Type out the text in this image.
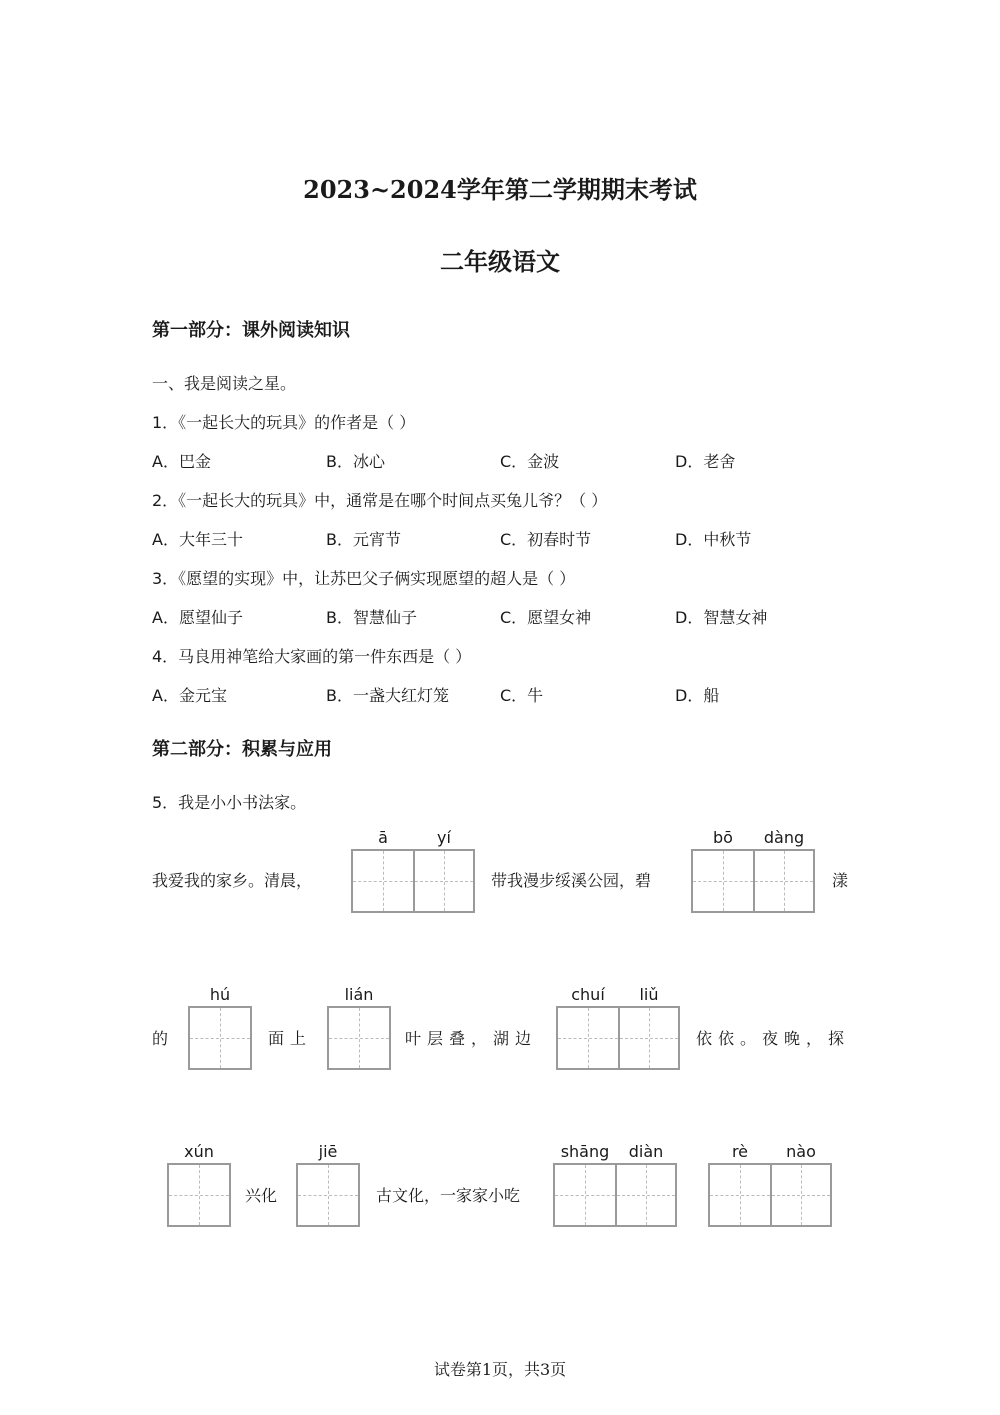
2023~2024学年第二学期期末考试
二年级语文
第一部分：课外阅读知识
一、我是阅读之星。
1．《一起长大的玩具》的作者是（ ）
A．巴金	B．冰心	C．金波	D．老舍
2．《一起长大的玩具》中，通常是在哪个时间点买兔儿爷？（ ）
A．大年三十	B．元宵节	C．初春时节	D．中秋节
3．《愿望的实现》中，让苏巴父子俩实现愿望的超人是（ ）
A．愿望仙子	B．智慧仙子	C．愿望女神	D．智慧女神
4．马良用神笔给大家画的第一件东西是（ ）
A．金元宝	B．一盏大红灯笼	C．牛	D．船
第二部分：积累与应用
5．我是小小书法家。
我爱我的家乡。清晨，
ā	yí
带我漫步绥溪公园，碧
bō	dàng
漾
的
hú
面上
lián
叶层叠，湖边
chuí	liǔ
依依。夜晚，探
xún
兴化
jiē
古文化，一家家小吃
shāng	diàn	rè	nào
试卷第1页，共3页
